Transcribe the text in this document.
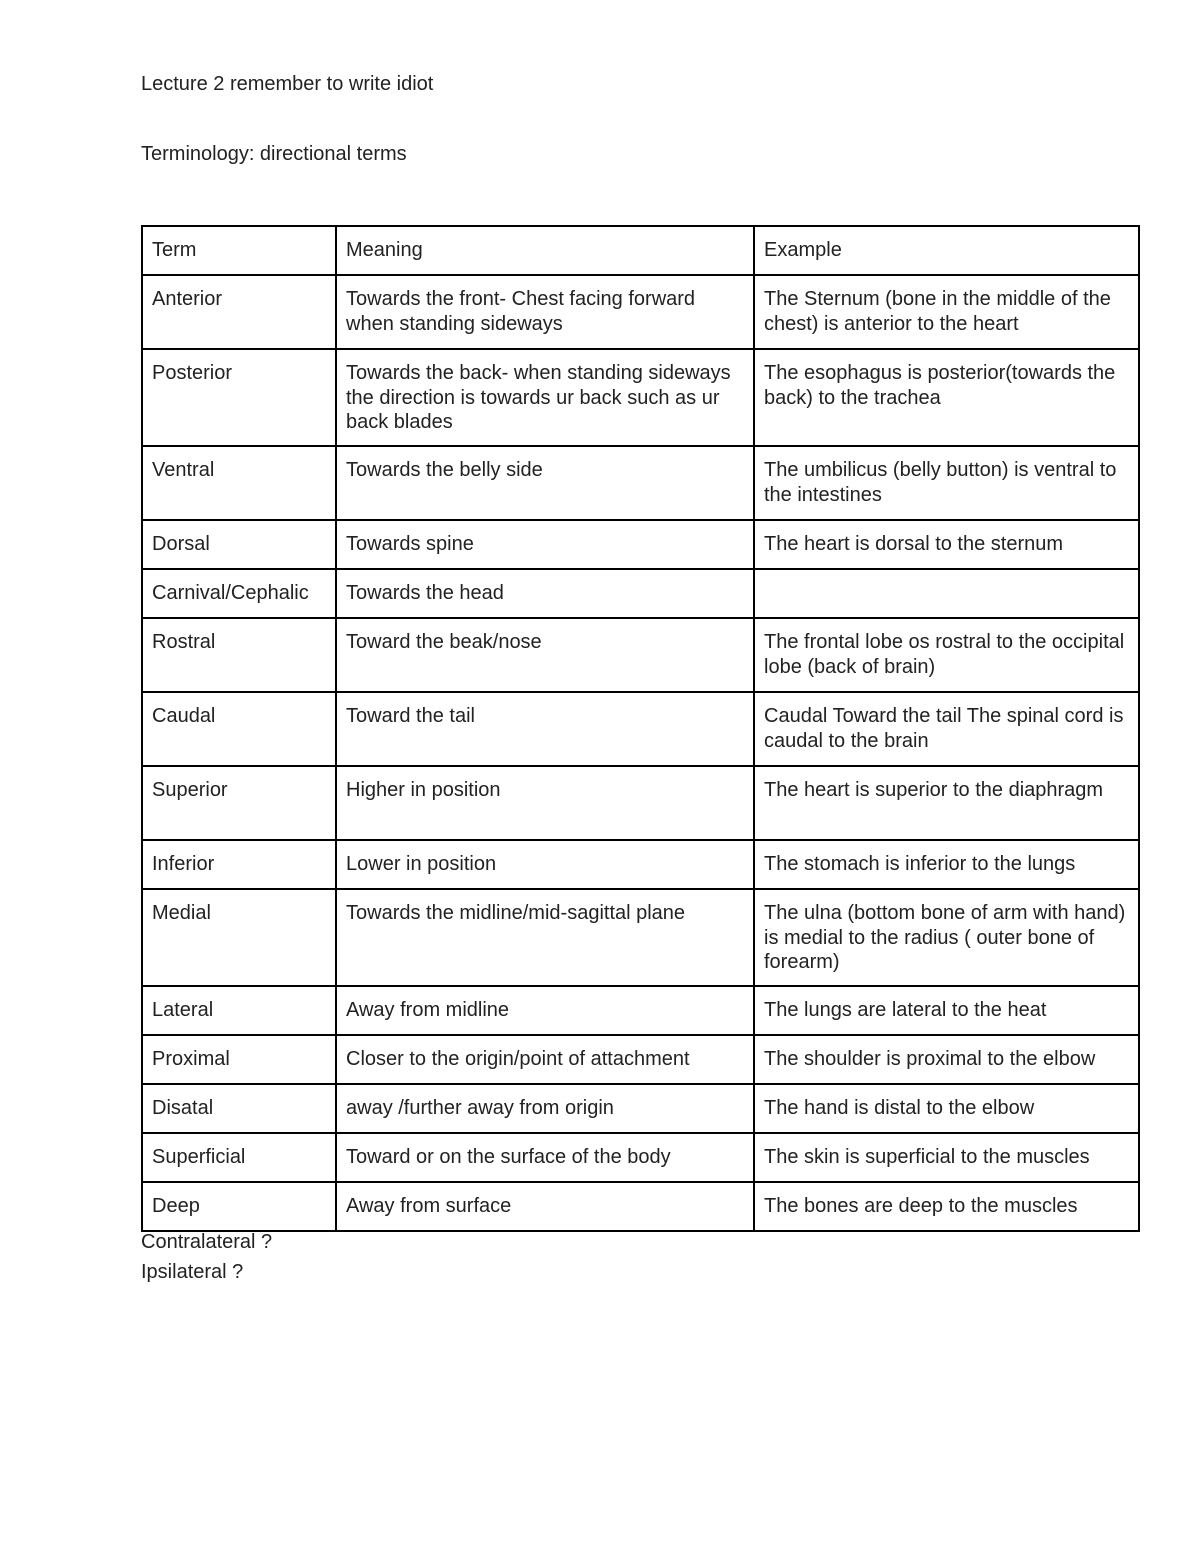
Lecture 2 remember to write idiot
Terminology: directional terms
Term	Meaning	Example
Anterior	Towards the front- Chest facing forward when standing sideways	The Sternum (bone in the middle of the chest) is anterior to the heart
Posterior	Towards the back- when standing sideways the direction is towards ur back such as ur back blades	The esophagus is posterior(towards the back) to the trachea
Ventral	Towards the belly side	The umbilicus (belly button) is ventral to the intestines
Dorsal	Towards spine	The heart is dorsal to the sternum
Carnival/Cephalic	Towards the head	
Rostral	Toward the beak/nose	The frontal lobe os rostral to the occipital lobe (back of brain)
Caudal	Toward the tail	Caudal Toward the tail The spinal cord is caudal to the brain
Superior	Higher in position	The heart is superior to the diaphragm
Inferior	Lower in position	The stomach is inferior to the lungs
Medial	Towards the midline/mid-sagittal plane	The ulna (bottom bone of arm with hand) is medial to the radius ( outer bone of forearm)
Lateral	Away from midline	The lungs are lateral to the heat
Proximal	Closer to the origin/point of attachment	The shoulder is proximal to the elbow
Disatal	away /further away from origin	The hand is distal to the elbow
Superficial	Toward or on the surface of the body	The skin is superficial to the muscles
Deep	Away from surface	The bones are deep to the muscles
Contralateral ?
Ipsilateral ?
